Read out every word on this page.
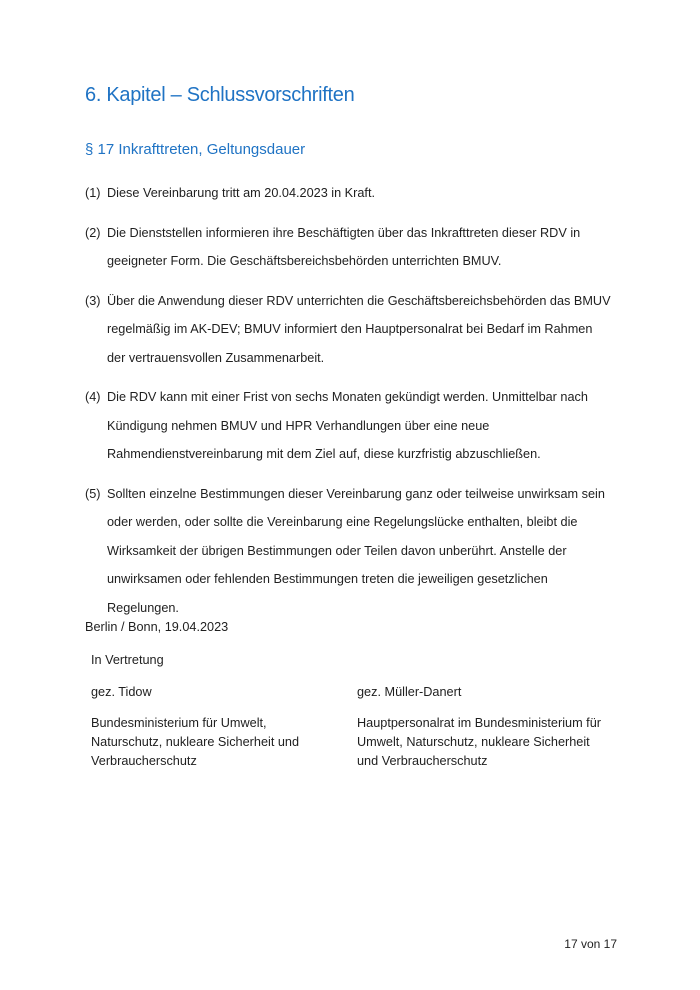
6. Kapitel – Schlussvorschriften
§ 17 Inkrafttreten, Geltungsdauer
(1) Diese Vereinbarung tritt am 20.04.2023 in Kraft.
(2) Die Dienststellen informieren ihre Beschäftigten über das Inkrafttreten dieser RDV in
geeigneter Form. Die Geschäftsbereichsbehörden unterrichten BMUV.
(3) Über die Anwendung dieser RDV unterrichten die Geschäftsbereichsbehörden das BMUV
regelmäßig im AK-DEV; BMUV informiert den Hauptpersonalrat bei Bedarf im Rahmen
der vertrauensvollen Zusammenarbeit.
(4) Die RDV kann mit einer Frist von sechs Monaten gekündigt werden. Unmittelbar nach
Kündigung nehmen BMUV und HPR Verhandlungen über eine neue
Rahmendienstvereinbarung mit dem Ziel auf, diese kurzfristig abzuschließen.
(5) Sollten einzelne Bestimmungen dieser Vereinbarung ganz oder teilweise unwirksam sein
oder werden, oder sollte die Vereinbarung eine Regelungslücke enthalten, bleibt die
Wirksamkeit der übrigen Bestimmungen oder Teilen davon unberührt. Anstelle der
unwirksamen oder fehlenden Bestimmungen treten die jeweiligen gesetzlichen
Regelungen.
Berlin / Bonn, 19.04.2023
In Vertretung
gez. Tidow	gez. Müller-Danert
Bundesministerium für Umwelt,
Naturschutz, nukleare Sicherheit und
Verbraucherschutz
Hauptpersonalrat im Bundesministerium für
Umwelt, Naturschutz, nukleare Sicherheit
und Verbraucherschutz
17 von 17
